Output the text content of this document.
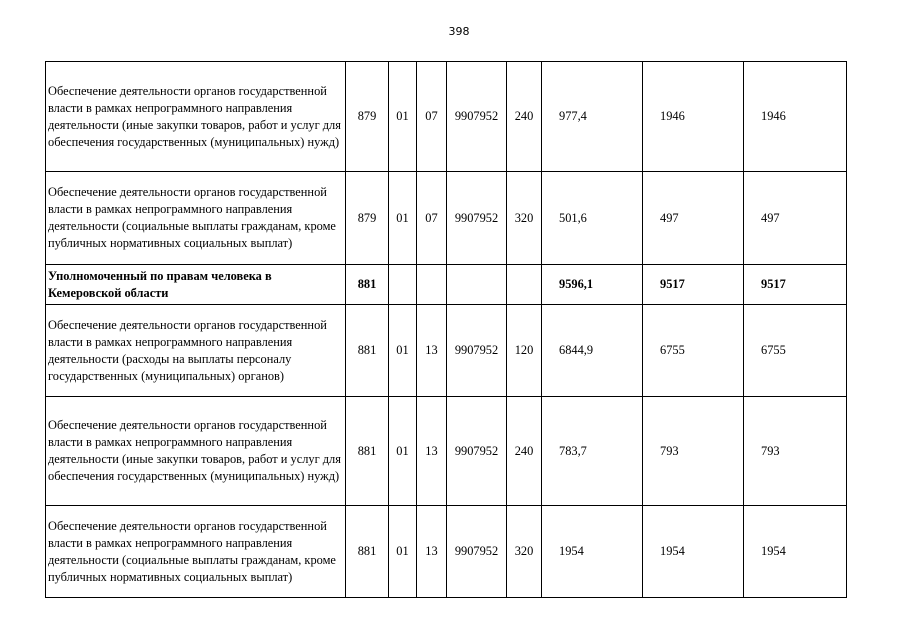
398
Обеспечение деятельности органов государственной власти в рамках непрограммного направления деятельности (иные закупки товаров, работ и услуг для обеспечения государственных (муниципальных) нужд)	879	01	07	9907952	240	977,4	1946	1946
Обеспечение деятельности органов государственной власти в рамках непрограммного направления деятельности (социальные выплаты гражданам, кроме публичных нормативных социальных выплат)	879	01	07	9907952	320	501,6	497	497
Уполномоченный по правам человека в Кемеровской области	881					9596,1	9517	9517
Обеспечение деятельности органов государственной власти в рамках непрограммного направления деятельности (расходы на выплаты персоналу государственных (муниципальных) органов)	881	01	13	9907952	120	6844,9	6755	6755
Обеспечение деятельности органов государственной власти в рамках непрограммного направления деятельности (иные закупки товаров, работ и услуг для обеспечения государственных (муниципальных) нужд)	881	01	13	9907952	240	783,7	793	793
Обеспечение деятельности органов государственной власти в рамках непрограммного направления деятельности (социальные выплаты гражданам, кроме публичных нормативных социальных выплат)	881	01	13	9907952	320	1954	1954	1954
